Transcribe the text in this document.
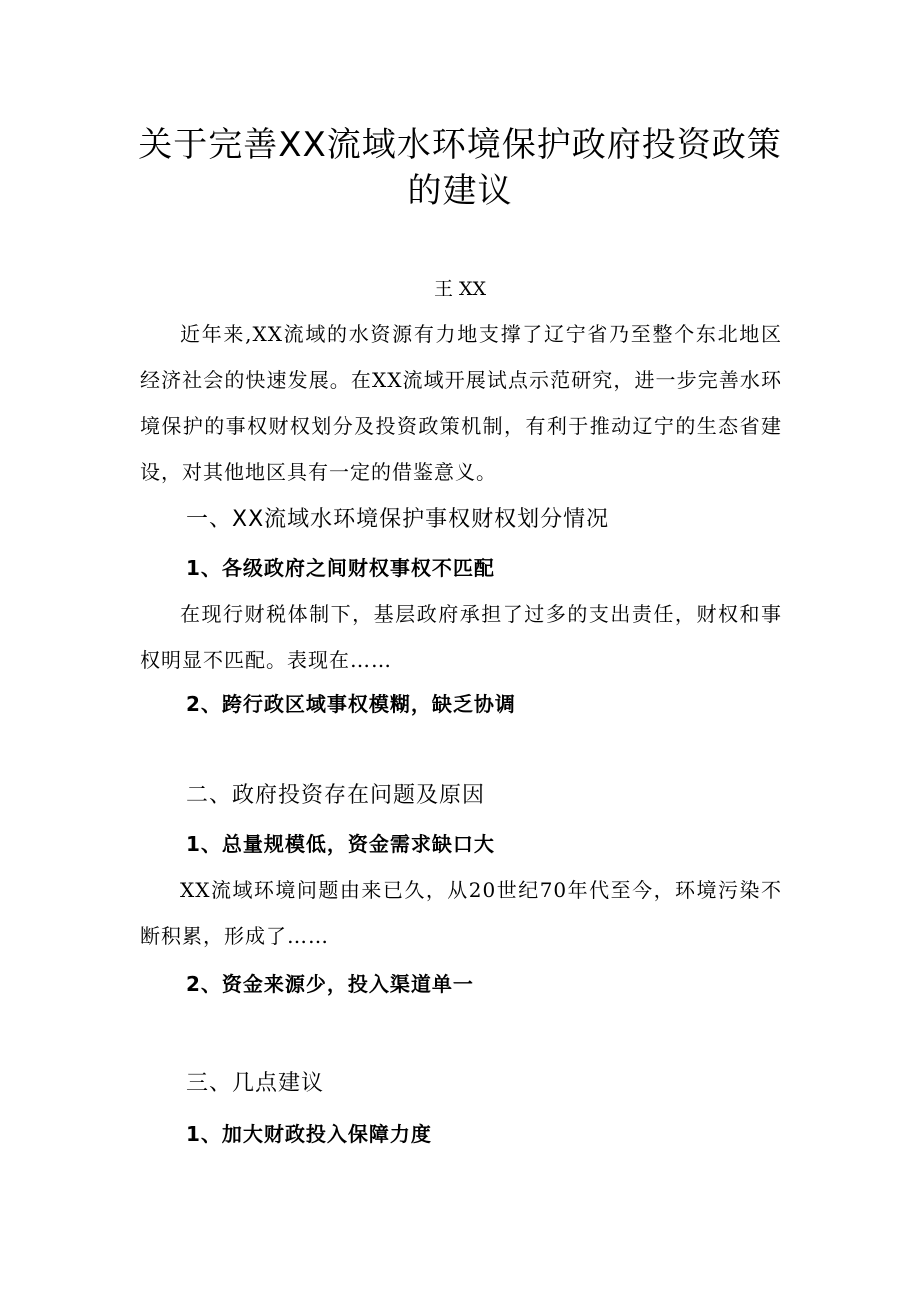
关于完善XX流域水环境保护政府投资政策
的建议
王 XX
近年来,XX流域的水资源有力地支撑了辽宁省乃至整个东北地区经济社会的快速发展。在XX流域开展试点示范研究，进一步完善水环境保护的事权财权划分及投资政策机制，有利于推动辽宁的生态省建设，对其他地区具有一定的借鉴意义。
一、XX流域水环境保护事权财权划分情况
1、各级政府之间财权事权不匹配
在现行财税体制下，基层政府承担了过多的支出责任，财权和事权明显不匹配。表现在……
2、跨行政区域事权模糊，缺乏协调
二、政府投资存在问题及原因
1、总量规模低，资金需求缺口大
XX流域环境问题由来已久，从20世纪70年代至今，环境污染不断积累，形成了……
2、资金来源少，投入渠道单一
三、几点建议
1、加大财政投入保障力度
